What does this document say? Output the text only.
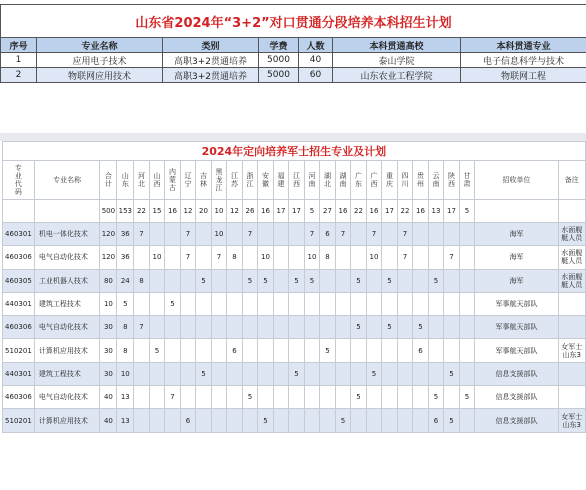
山东省2024年“3+2”对口贯通分段培养本科招生计划						
序号	专业名称	类别	学费	人数	本科贯通高校	本科贯通专业
1	应用电子技术	高职3+2贯通培养	5000	40	泰山学院	电子信息科学与技术
2	物联网应用技术	高职3+2贯通培养	5000	60	山东农业工程学院	物联网工程
2024年定向培养军士招生专业及计划																											
专业代码	专业名称	合计	山东	河北	山西	内蒙古	辽宁	吉林	黑龙江	江苏	浙江	安徽	福建	江西	河南	湖北	湖南	广东	广西	重庆	四川	贵州	云南	陕西	甘肃	招收单位	备注
		500	153	22	15	16	12	20	10	12	26	16	17	17	5	27	16	22	16	17	22	16	13	17	5		
460301	机电一体化技术	120	36	7			7		10		7				7	6	7		7		7					海军	水面舰艇人员
460306	电气自动化技术	120	36		10		7		7	8		10			10	8			10		7			7		海军	水面舰艇人员
460305	工业机器人技术	80	24	8				5			5	5		5	5			5		5			5			海军	水面舰艇人员
440301	建筑工程技术	10	5			5																				军事航天部队	
460306	电气自动化技术	30	8	7														5		5		5				军事航天部队	
510201	计算机应用技术	30	8		5					6						5						6				军事航天部队	女军士山东3
440301	建筑工程技术	30	10					5						5					5					5		信息支援部队	
460306	电气自动化技术	40	13			7					5							5					5		5	信息支援部队	
510201	计算机应用技术	40	13				6					5					5						6	5		信息支援部队	女军士山东3
